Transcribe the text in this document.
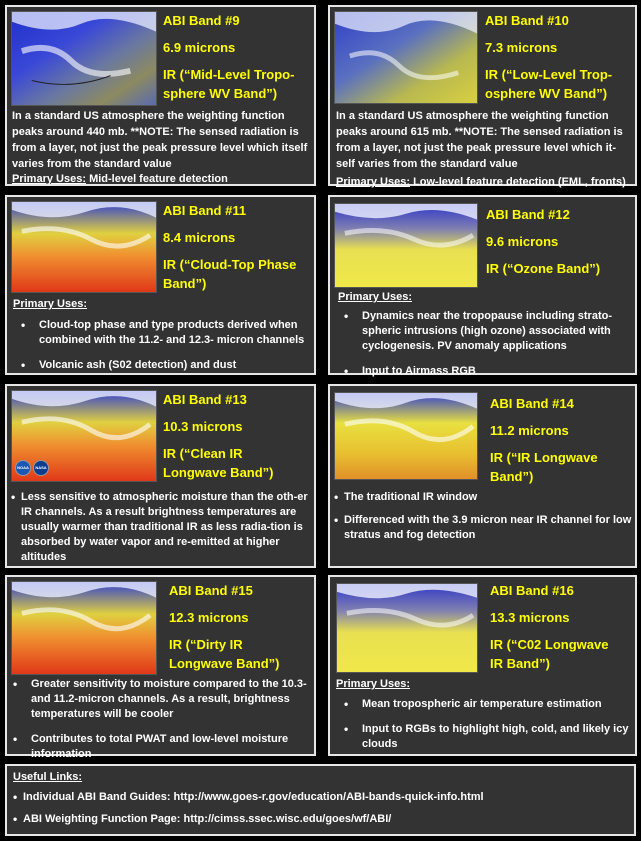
ABI Band #9
6.9 microns
IR (“Mid-Level Tropo-
sphere WV Band”)
In a standard US atmosphere the weighting function peaks around 440 mb. **NOTE: The sensed radiation is from a layer, not just the peak pressure level which itself varies from the standard value
Primary Uses: Mid-level feature detection
ABI Band #10
7.3 microns
IR (“Low-Level Trop-
osphere WV Band”)
In a standard US atmosphere the weighting function peaks around 615 mb. **NOTE: The sensed radiation is from a layer, not just the peak pressure level which it-self varies from the standard value
Primary Uses: Low-level feature detection (EML, fronts)
ABI Band #11
8.4 microns
IR (“Cloud-Top Phase
Band”)
Primary Uses:
• Cloud-top phase and type products derived when combined with the 11.2- and 12.3- micron channels
• Volcanic ash (S02 detection) and dust
ABI Band #12
9.6 microns
IR (“Ozone Band”)
Primary Uses:
• Dynamics near the tropopause including strato-spheric intrusions (high ozone) associated with cyclogenesis. PV anomaly applications
• Input to Airmass RGB
NOAA	NASA
ABI Band #13
10.3 microns
IR (“Clean IR
Longwave Band”)
• Less sensitive to atmospheric moisture than the oth-er IR channels. As a result brightness temperatures are usually warmer than traditional IR as less radia-tion is absorbed by water vapor and re-emitted at higher altitudes
ABI Band #14
11.2 microns
IR (“IR Longwave
Band”)
• The traditional IR window
• Differenced with the 3.9 micron near IR channel for low stratus and fog detection
ABI Band #15
12.3 microns
IR (“Dirty IR
Longwave Band”)
• Greater sensitivity to moisture compared to the 10.3- and 11.2-micron channels. As a result, brightness temperatures will be cooler
• Contributes to total PWAT and low-level moisture information
ABI Band #16
13.3 microns
IR (“C02 Longwave
IR Band”)
Primary Uses:
• Mean tropospheric air temperature estimation
• Input to RGBs to highlight high, cold, and likely icy clouds
Useful Links:
• Individual ABI Band Guides: http://www.goes-r.gov/education/ABI-bands-quick-info.html
• ABI Weighting Function Page: http://cimss.ssec.wisc.edu/goes/wf/ABI/
